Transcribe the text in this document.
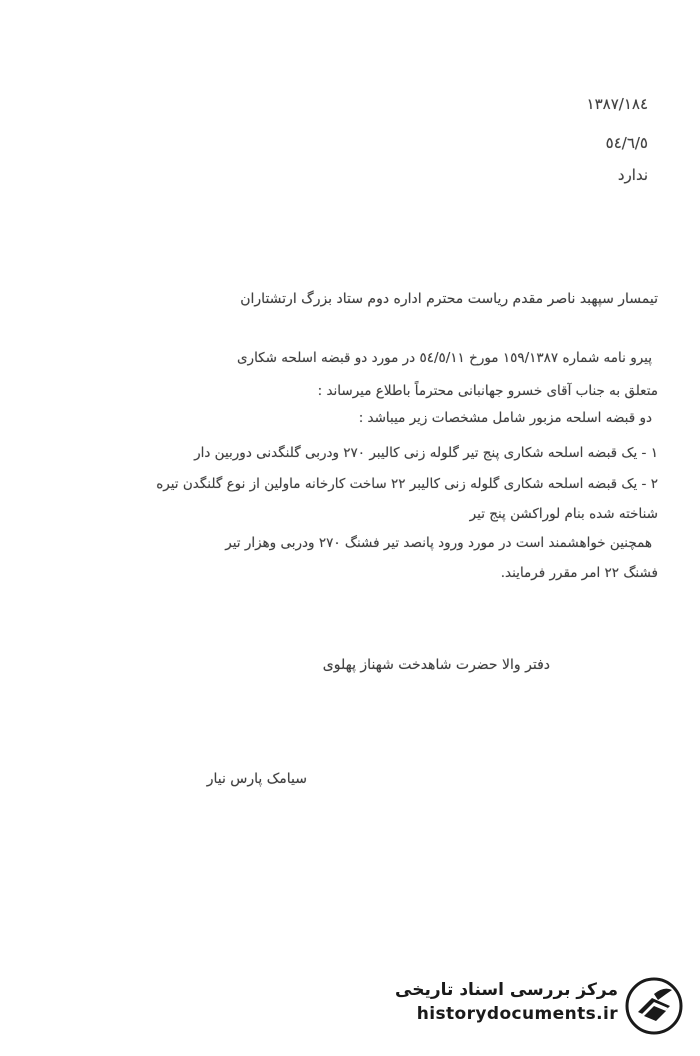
١٣٨٧/١٨٤
٥٤/٦/٥
ندارد
تیمسار سپهبد ناصر مقدم ریاست محترم اداره دوم ستاد بزرگ ارتشتاران
پیرو نامه شماره ١٥٩/١٣٨٧ مورخ ٥٤/٥/١١ در مورد دو قبضه اسلحه شکاری
متعلق به جناب آقای خسرو جهانبانی محترماً باطلاع میرساند :
دو قبضه اسلحه مزبور شامل مشخصات زیر میباشد :
١ - یک قبضه اسلحه شکاری پنج تیر گلوله زنی کالیبر ٢٧٠ ودربی گلنگدنی دوربین دار
٢ - یک قبضه اسلحه شکاری گلوله زنی کالیبر ٢٢ ساخت کارخانه ماولین از نوع گلنگدن تیره
شناخته شده بنام لوراکشن پنج تیر
همچنین خواهشمند است در مورد ورود پانصد تیر فشنگ ٢٧٠ ودربی وهزار تیر
فشنگ ٢٢ امر مقرر فرمایند.
دفتر والا حضرت شاهدخت شهناز پهلوی
سیامک پارس نیار
مرکز بررسی اسناد تاریخی
historydocuments.ir
